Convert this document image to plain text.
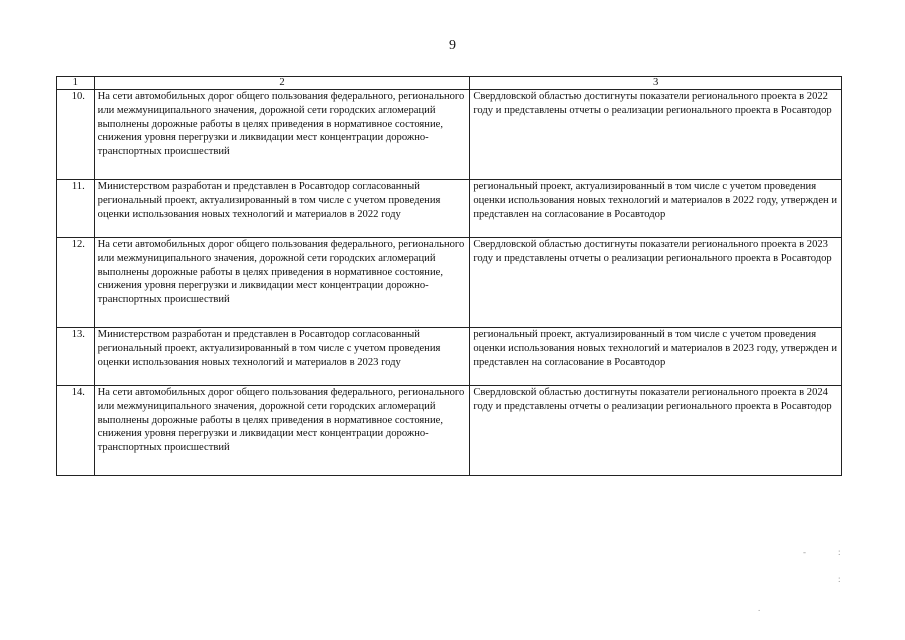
9
1	2	3
10.	На сети автомобильных дорог общего пользования федерального, регионального или межмуниципального значения, дорожной сети городских агломераций выполнены дорожные работы в целях приведения в нормативное состояние, снижения уровня перегрузки и ликвидации мест концентрации дорожно-транспортных происшествий	Свердловской областью достигнуты показатели регионального проекта в 2022 году и представлены отчеты о реализации регионального проекта в Росавтодор
11.	Министерством разработан и представлен в Росавтодор согласованный региональный проект, актуализированный в том числе с учетом проведения оценки использования новых технологий и материалов в 2022 году	региональный проект, актуализированный в том числе с учетом проведения оценки использования новых технологий и материалов в 2022 году, утвержден и представлен на согласование в Росавтодор
12.	На сети автомобильных дорог общего пользования федерального, регионального или межмуниципального значения, дорожной сети городских агломераций выполнены дорожные работы в целях приведения в нормативное состояние, снижения уровня перегрузки и ликвидации мест концентрации дорожно-транспортных происшествий	Свердловской областью достигнуты показатели регионального проекта в 2023 году и представлены отчеты о реализации регионального проекта в Росавтодор
13.	Министерством разработан и представлен в Росавтодор согласованный региональный проект, актуализированный в том числе с учетом проведения оценки использования новых технологий и материалов в 2023 году	региональный проект, актуализированный в том числе с учетом проведения оценки использования новых технологий и материалов в 2023 году, утвержден и представлен на согласование в Росавтодор
14.	На сети автомобильных дорог общего пользования федерального, регионального или межмуниципального значения, дорожной сети городских агломераций выполнены дорожные работы в целях приведения в нормативное состояние, снижения уровня перегрузки и ликвидации мест концентрации дорожно-транспортных происшествий	Свердловской областью достигнуты показатели регионального проекта в 2024 году и представлены отчеты о реализации регионального проекта в Росавтодор
-	:
:
.
